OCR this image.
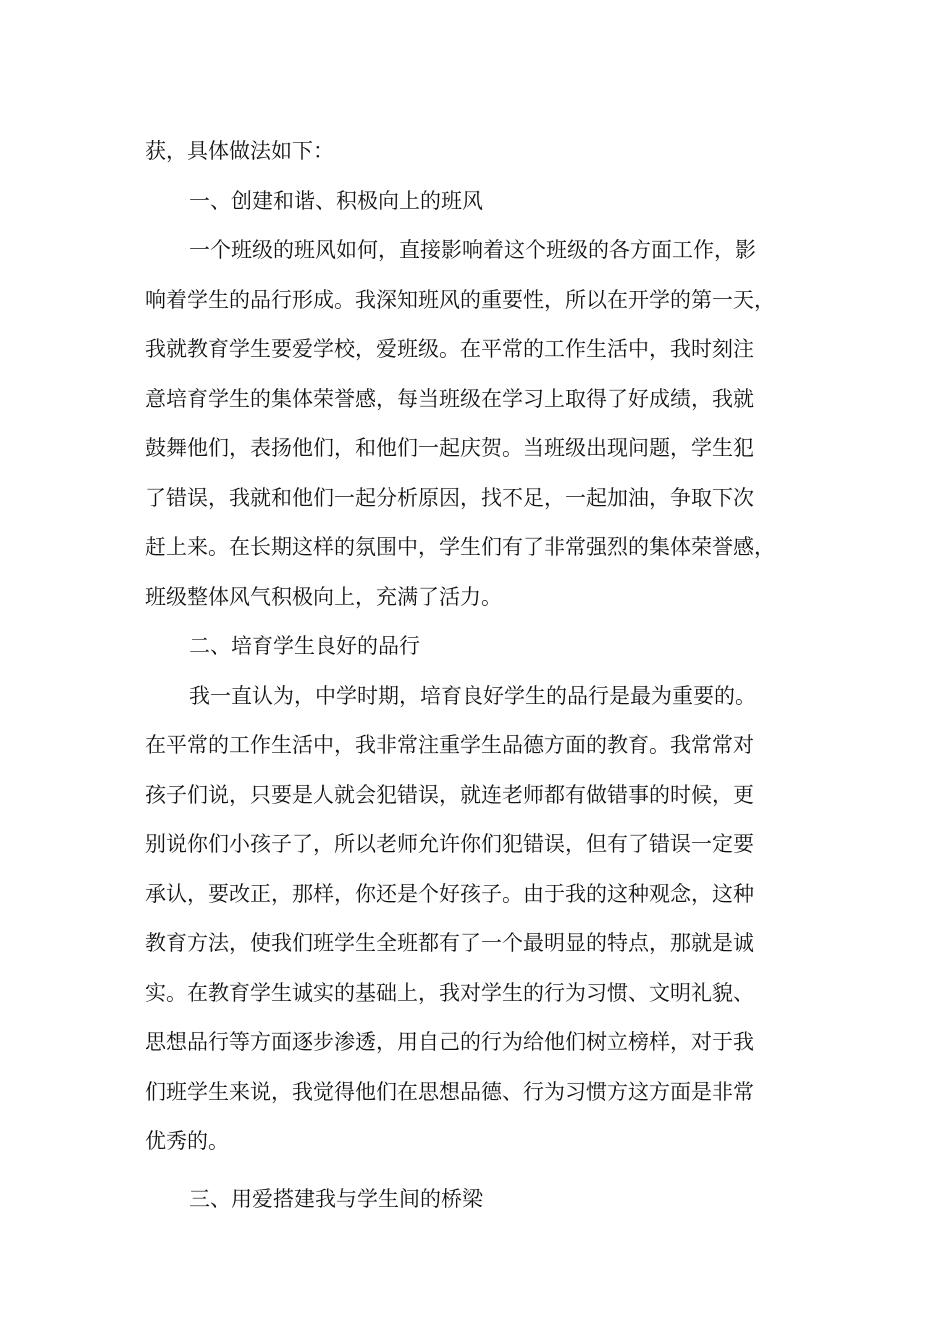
获，具体做法如下：
一、创建和谐、积极向上的班风
一个班级的班风如何，直接影响着这个班级的各方面工作，影
响着学生的品行形成。我深知班风的重要性，所以在开学的第一天，
我就教育学生要爱学校，爱班级。在平常的工作生活中，我时刻注
意培育学生的集体荣誉感，每当班级在学习上取得了好成绩，我就
鼓舞他们，表扬他们，和他们一起庆贺。当班级出现问题，学生犯
了错误，我就和他们一起分析原因，找不足，一起加油，争取下次
赶上来。在长期这样的氛围中，学生们有了非常强烈的集体荣誉感，
班级整体风气积极向上，充满了活力。
二、培育学生良好的品行
我一直认为，中学时期，培育良好学生的品行是最为重要的。
在平常的工作生活中，我非常注重学生品德方面的教育。我常常对
孩子们说，只要是人就会犯错误，就连老师都有做错事的时候，更
别说你们小孩子了，所以老师允许你们犯错误，但有了错误一定要
承认，要改正，那样，你还是个好孩子。由于我的这种观念，这种
教育方法，使我们班学生全班都有了一个最明显的特点，那就是诚
实。在教育学生诚实的基础上，我对学生的行为习惯、文明礼貌、
思想品行等方面逐步渗透，用自己的行为给他们树立榜样，对于我
们班学生来说，我觉得他们在思想品德、行为习惯方这方面是非常
优秀的。
三、用爱搭建我与学生间的桥梁
